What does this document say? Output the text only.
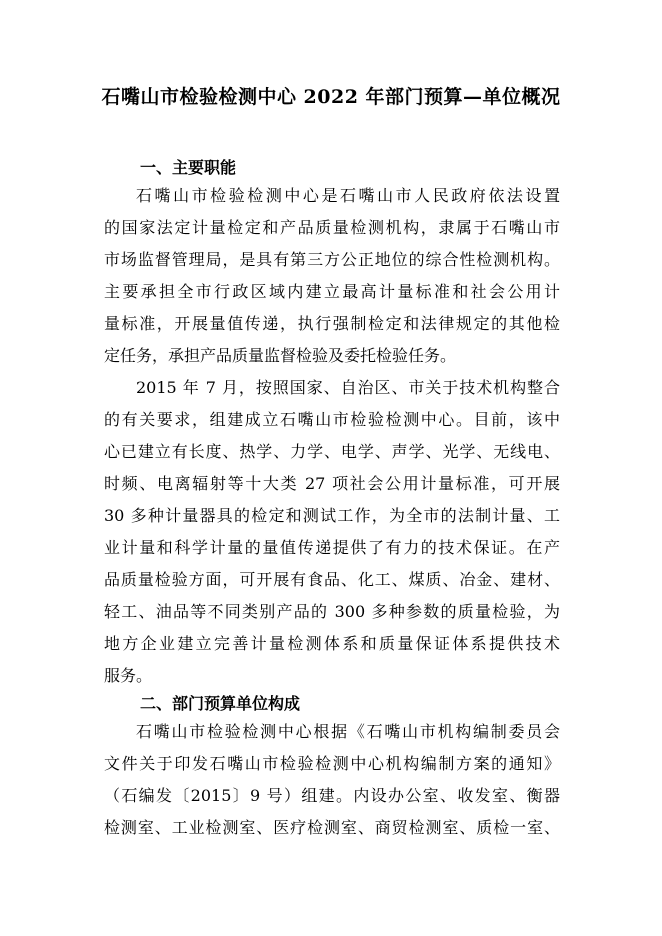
石嘴山市检验检测中心 2022 年部门预算—单位概况
一、主要职能
石嘴山市检验检测中心是石嘴山市人民政府依法设置
的国家法定计量检定和产品质量检测机构，隶属于石嘴山市
市场监督管理局，是具有第三方公正地位的综合性检测机构。
主要承担全市行政区域内建立最高计量标准和社会公用计
量标准，开展量值传递，执行强制检定和法律规定的其他检
定任务，承担产品质量监督检验及委托检验任务。
2015 年 7 月，按照国家、自治区、市关于技术机构整合
的有关要求，组建成立石嘴山市检验检测中心。目前，该中
心已建立有长度、热学、力学、电学、声学、光学、无线电、
时频、电离辐射等十大类 27 项社会公用计量标准，可开展
30 多种计量器具的检定和测试工作，为全市的法制计量、工
业计量和科学计量的量值传递提供了有力的技术保证。在产
品质量检验方面，可开展有食品、化工、煤质、冶金、建材、
轻工、油品等不同类别产品的 300 多种参数的质量检验，为
地方企业建立完善计量检测体系和质量保证体系提供技术
服务。
二、部门预算单位构成
石嘴山市检验检测中心根据《石嘴山市机构编制委员会
文件关于印发石嘴山市检验检测中心机构编制方案的通知》
（石编发〔2015〕9 号）组建。内设办公室、收发室、衡器
检测室、工业检测室、医疗检测室、商贸检测室、质检一室、
